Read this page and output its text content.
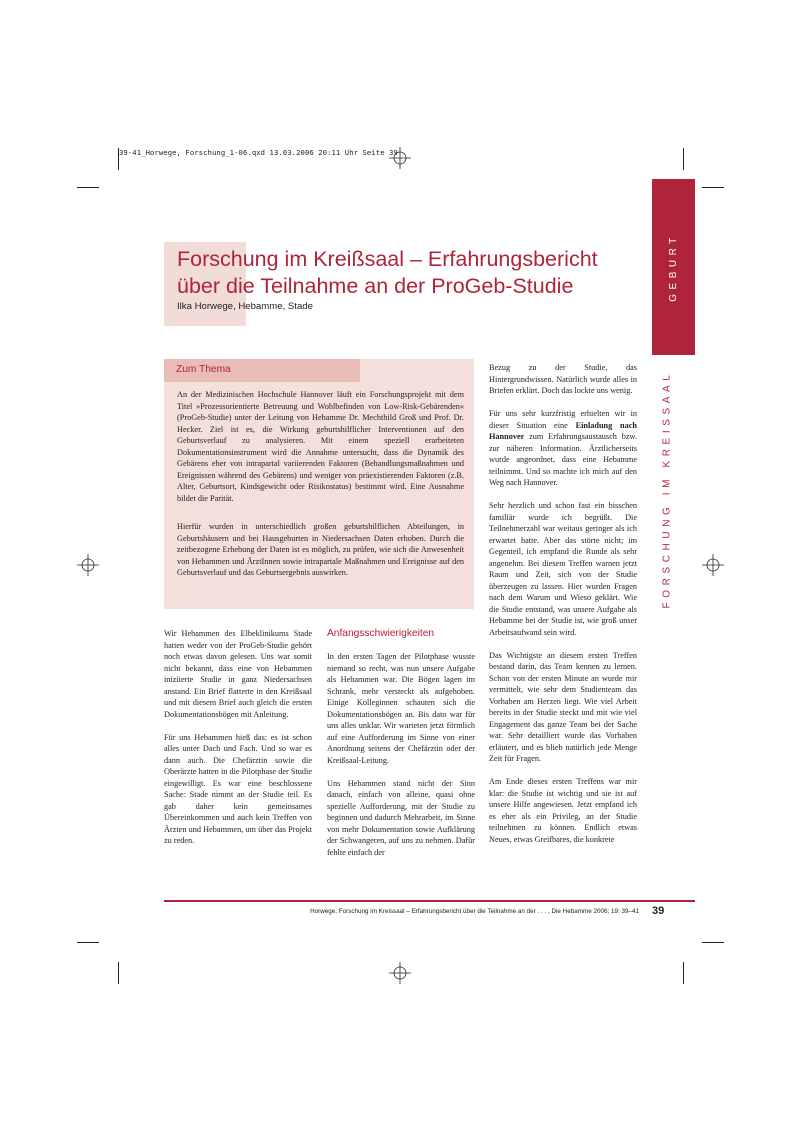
39-41_Horwege, Forschung_1-06.qxd 13.03.2006 20:11 Uhr Seite 39
GEBURT
FORSCHUNG IM KREISSAAL
Forschung im Kreißsaal – Erfahrungsbericht
über die Teilnahme an der ProGeb-Studie
Ilka Horwege, Hebamme, Stade
Zum Thema

An der Medizinischen Hochschule Hannover läuft ein Forschungsprojekt mit dem Titel »Prozessorientierte Betreuung und Wohlbefinden von Low-Risk-Gebärenden« (ProGeb-Studie) unter der Leitung von Hebamme Dr. Mechthild Groß und Prof. Dr. Hecker. Ziel ist es, die Wirkung geburtshilflicher Interventionen auf den Geburtsverlauf zu analysieren. Mit einem speziell erarbeiteten Dokumentationsinstrument wird die Annahme untersucht, dass die Dynamik des Gebärens eher von intrapartal variierenden Faktoren (Behandlungsmaßnahmen und Ereignissen während des Gebärens) und weniger von präexistierenden Faktoren (z.B. Alter, Geburtsort, Kindsgewicht oder Risikostatus) bestimmt wird. Eine Ausnahme bildet die Parität.

Hierfür wurden in unterschiedlich großen geburtshilflichen Abteilungen, in Geburtshäusern und bei Hausgeburten in Niedersachsen Daten erhoben. Durch die zeitbezogene Erhebung der Daten ist es möglich, zu prüfen, wie sich die Anwesenheit von Hebammen und ÄrztInnen sowie intrapartale Maßnahmen und Ereignisse auf den Geburtsverlauf und das Geburtsergebnis auswirken.

Wir Hebammen des Elbeklinikums Stade hatten weder von der ProGeb-Studie gehört noch etwas davon gelesen. Uns war somit nicht bekannt, dass eine von Hebammen iniziierte Studie in ganz Niedersachsen anstand. Ein Brief flatterte in den Kreißsaal und mit diesem Brief auch gleich die ersten Dokumentationsbögen mit Anleitung.

Für uns Hebammen hieß das: es ist schon alles unter Dach und Fach. Und so war es dann auch. Die Chefärztin sowie die Oberärzte hatten in die Pilotphase der Studie eingewilligt. Es war eine beschlossene Sache: Stade nimmt an der Studie teil. Es gab daher kein gemeinsames Übereinkommen und auch kein Treffen von Ärzten und Hebammen, um über das Projekt zu reden.

Anfangsschwierigkeiten

In den ersten Tagen der Pilotphase wusste niemand so recht, was nun unsere Aufgabe als Hebammen war. Die Bögen lagen im Schrank, mehr versteckt als aufgehoben. Einige Kolleginnen schauten sich die Dokumentationsbögen an. Bis dato war für uns alles unklar. Wir warteten jetzt förmlich auf eine Aufforderung im Sinne von einer Anordnung seitens der Chefärztin oder der Kreißsaal-Leitung.

Uns Hebammen stand nicht der Sinn danach, einfach von alleine, quasi ohne spezielle Aufforderung, mit der Studie zu beginnen und dadurch Mehrarbeit, im Sinne von mehr Dokumentation sowie Aufklärung der Schwangeren, auf uns zu nehmen. Dafür fehlte einfach der

Bezug zu der Studie, das Hintergrundwissen. Natürlich wurde alles in Briefen erklärt. Doch das lockte uns wenig.

Für uns sehr kurzfristig erhielten wir in dieser Situation eine Einladung nach Hannover zum Erfahrungsaustausch bzw. zur näheren Information. Ärztlicherseits wurde angeordnet, dass eine Hebamme teilnimmt. Und so machte ich mich auf den Weg nach Hannover.

Sehr herzlich und schon fast ein bisschen familiär wurde ich begrüßt. Die Teilnehmerzahl war weitaus geringer als ich erwartet hatte. Aber das störte nicht; im Gegenteil, ich empfand die Runde als sehr angenehm. Bei diesem Treffen warnen jetzt Raum und Zeit, sich von der Studie überzeugen zu lassen. Hier wurden Fragen nach dem Warum und Wieso geklärt. Wie die Studie entstand, was unsere Aufgabe als Hebamme bei der Studie ist, wie groß unser Arbeitsaufwand sein wird.

Das Wichtigste an diesem ersten Treffen bestand darin, das Team kennen zu lernen. Schon von der ersten Minute an wurde mir vermittelt, wie sehr dem Studienteam das Vorhaben am Herzen liegt. Wie viel Arbeit bereits in der Studie steckt und mit wie viel Engagement das ganze Team bei der Sache war. Sehr detailliert wurde das Vorhaben erläutert, und es blieb natürlich jede Menge Zeit für Fragen.

Am Ende dieses ersten Treffens war mir klar: die Studie ist wichtig und sie ist auf unsere Hilfe angewiesen. Jetzt empfand ich es eher als ein Privileg, an der Studie teilnehmen zu können. Endlich etwas Neues, etwas Greifbares, die konkrete

Horwege, Forschung im Kreissaal – Erfahrungsbericht über die Teilnahme an der . . . , Die Hebamme 2006; 19: 39–41 39
